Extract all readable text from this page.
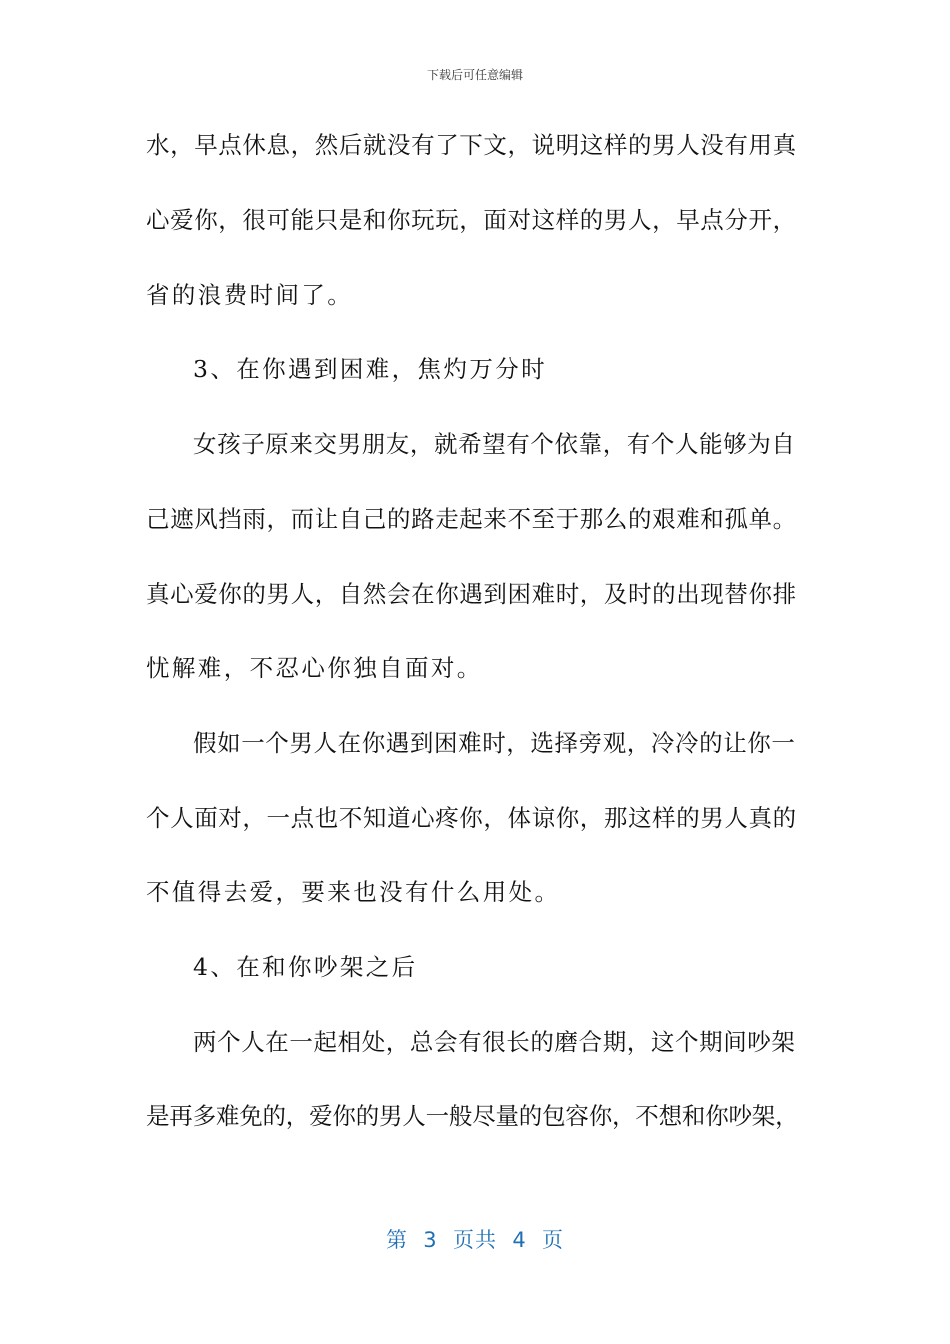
下载后可任意编辑
水，早点休息，然后就没有了下文，说明这样的男人没有用真
心爱你，很可能只是和你玩玩，面对这样的男人，早点分开，
省的浪费时间了。
3、在你遇到困难，焦灼万分时
女孩子原来交男朋友，就希望有个依靠，有个人能够为自
己遮风挡雨，而让自己的路走起来不至于那么的艰难和孤单。
真心爱你的男人，自然会在你遇到困难时，及时的出现替你排
忧解难，不忍心你独自面对。
假如一个男人在你遇到困难时，选择旁观，冷冷的让你一
个人面对，一点也不知道心疼你，体谅你，那这样的男人真的
不值得去爱，要来也没有什么用处。
4、在和你吵架之后
两个人在一起相处，总会有很长的磨合期，这个期间吵架
是再多难免的，爱你的男人一般尽量的包容你，不想和你吵架，
第  3  页共  4  页
